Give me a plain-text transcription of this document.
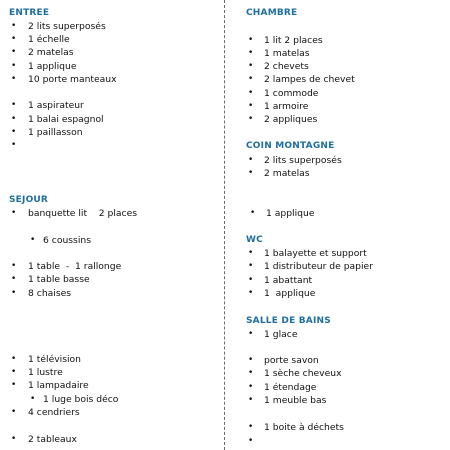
ENTREE
• 2 lits superposés
• 1 échelle
• 2 matelas
• 1 applique
• 10 porte manteaux
• 1 aspirateur
• 1 balai espagnol
• 1 paillasson
•
SEJOUR
• banquette lit    2 places
• 6 coussins
• 1 table  -  1 rallonge
• 1 table basse
• 8 chaises
• 1 télévision
• 1 lustre
• 1 lampadaire
• 1 luge bois déco
• 4 cendriers
• 2 tableaux
CHAMBRE
• 1 lit 2 places
• 1 matelas
• 2 chevets
• 2 lampes de chevet
• 1 commode
• 1 armoire
• 2 appliques
COIN MONTAGNE
• 2 lits superposés
• 2 matelas
• 1 applique
WC
• 1 balayette et support
• 1 distributeur de papier
• 1 abattant
• 1  applique
SALLE DE BAINS
• 1 glace
• porte savon
• 1 sèche cheveux
• 1 étendage
• 1 meuble bas
• 1 boite à déchets
•
